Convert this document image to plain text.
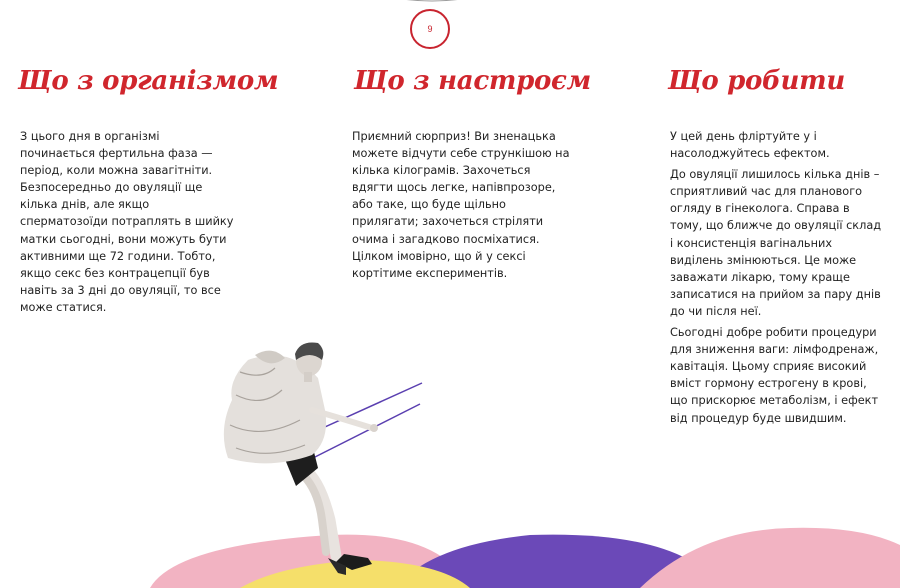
9
Що з організмом

З цього дня в організмі починається фертильна фаза — період, коли можна завагітніти. Безпосередньо до овуляції ще кілька днів, але якщо сперматозоїди потраплять в шийку матки сьогодні, вони можуть бути активними ще 72 години. Тобто, якщо секс без контрацепції був навіть за 3 дні до овуляції, то все може статися.

Що з настроєм

Приємний сюрприз! Ви зненацька можете відчути себе стрункішою на кілька кілограмів. Захочеться вдягти щось легке, напівпрозоре, або таке, що буде щільно прилягати; захочеться стріляти очима і загадково посміхатися. Цілком імовірно, що й у сексі кортітиме експериментів.

Що робити

У цей день фліртуйте у і насолоджуйтесь ефектом.

До овуляції лишилось кілька днів – сприятливий час для планового огляду в гінеколога. Справа в тому, що ближче до овуляції склад і консистенція вагінальних виділень змінюються. Це може заважати лікарю, тому краще записатися на прийом за пару днів до чи після неї.

Сьогодні добре робити процедури для зниження ваги: лімфодренаж, кавітація. Цьому сприяє високий вміст гормону естрогену в крові, що прискорює метаболізм, і ефект від процедур буде швидшим.
